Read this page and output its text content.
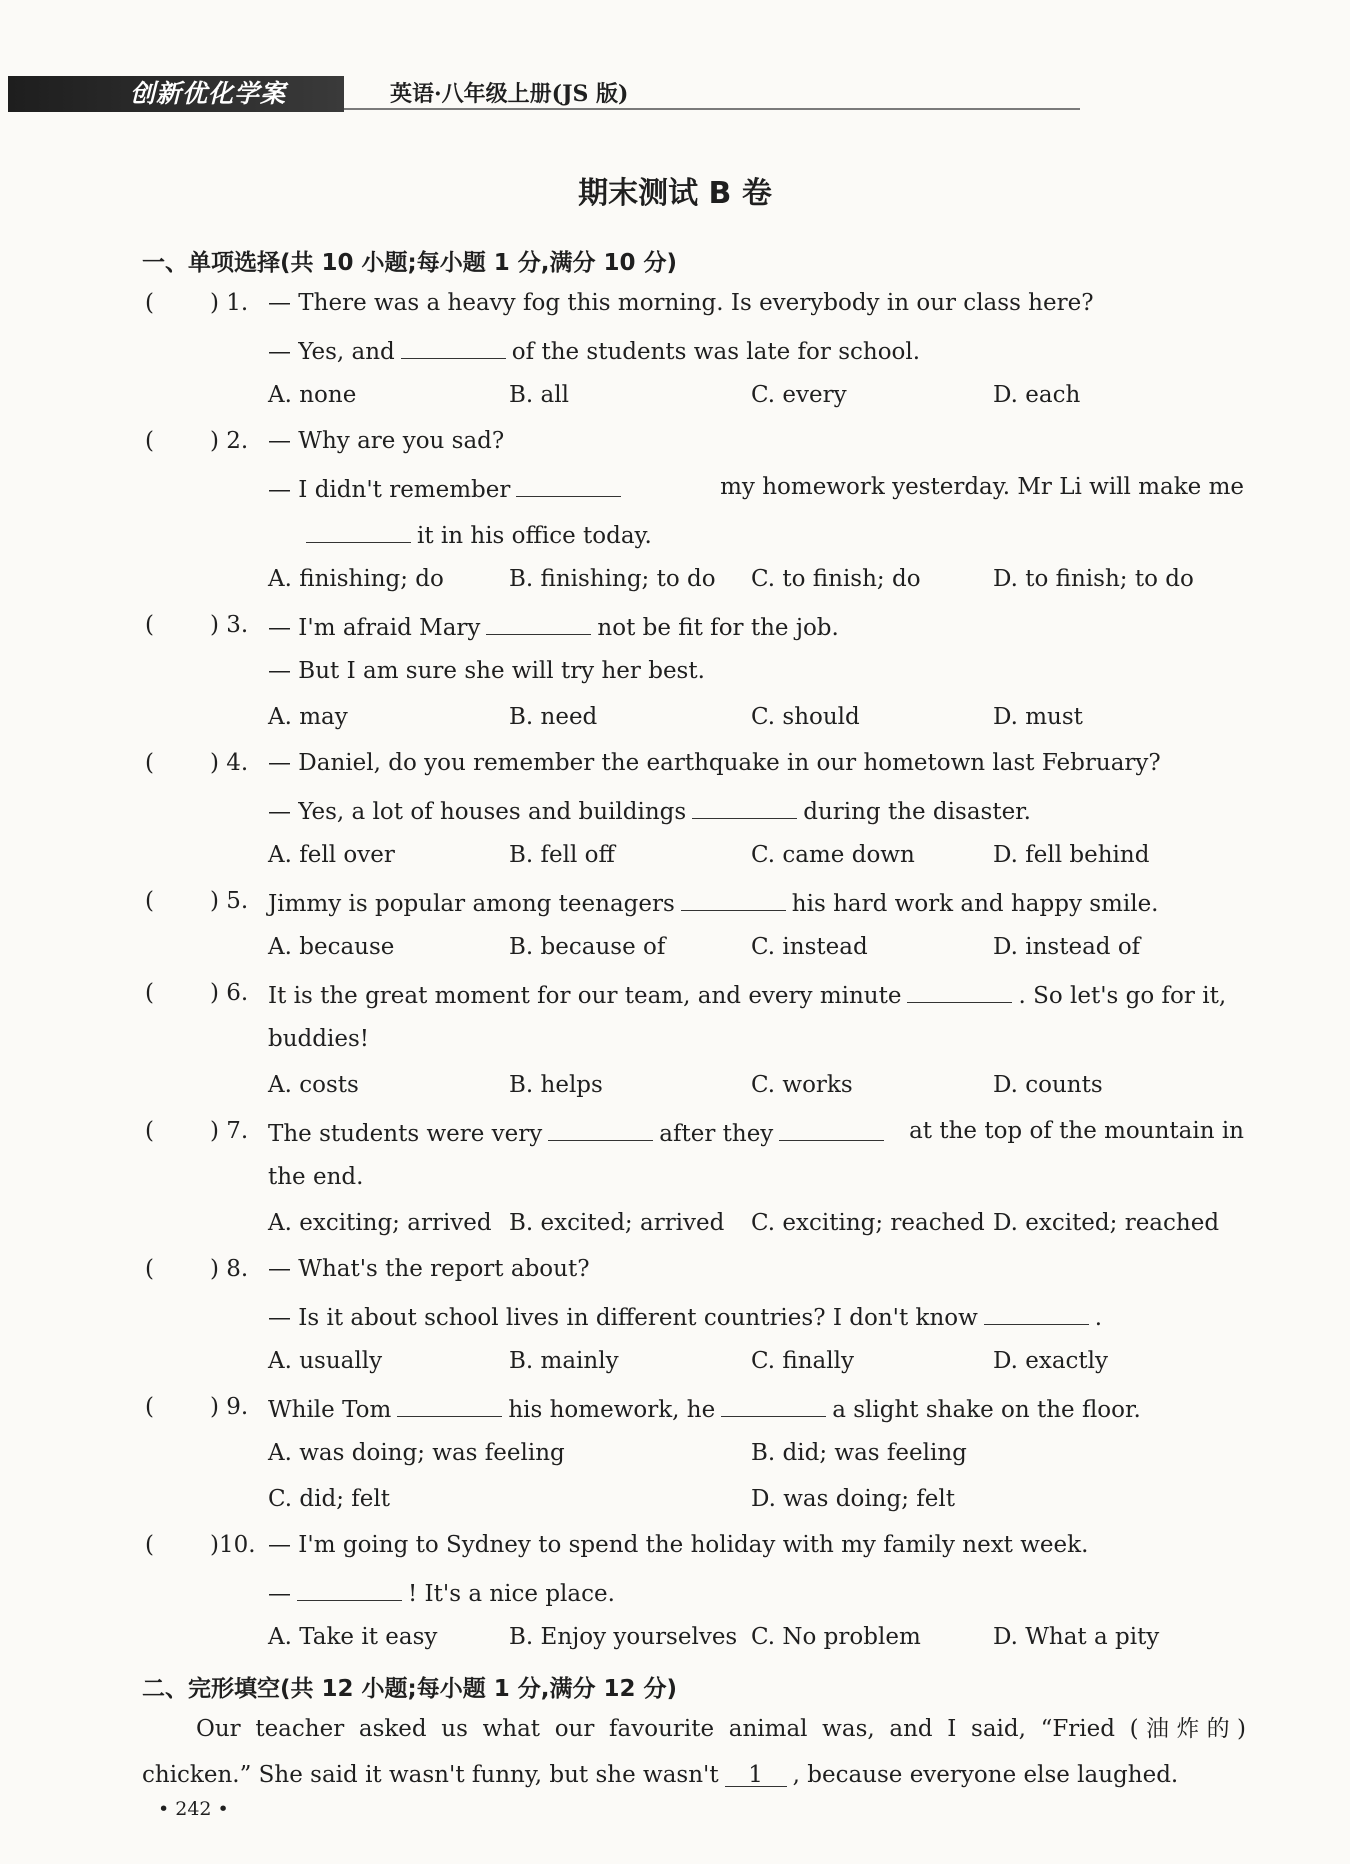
创新优化学案	英语·八年级上册(JS 版)
期末测试 B 卷
一、单项选择(共 10 小题;每小题 1 分,满分 10 分)
( ) 1. — There was a heavy fog this morning. Is everybody in our class here?
— Yes, and	of the students was late for school.
A. none	B. all	C. every	D. each
( ) 2. — Why are you sad?
— I didn't remember	my homework yesterday. Mr Li will make me
it in his office today.
A. finishing; do	B. finishing; to do C. to finish; do	D. to finish; to do
( ) 3. — I'm afraid Mary	not be fit for the job.
— But I am sure she will try her best.
A. may	B. need	C. should	D. must
( ) 4. — Daniel, do you remember the earthquake in our hometown last February?
— Yes, a lot of houses and buildings	during the disaster.
A. fell over	B. fell off	C. came down	D. fell behind
( ) 5. Jimmy is popular among teenagers	his hard work and happy smile.
A. because	B. because of	C. instead	D. instead of
( ) 6. It is the great moment for our team, and every minute	. So let's go for it,
buddies!
A. costs	B. helps	C. works	D. counts
( ) 7. The students were very	after they	at the top of the mountain in
the end.
A. exciting; arrived B. excited; arrived C. exciting; reached D. excited; reached
( ) 8. — What's the report about?
— Is it about school lives in different countries? I don't know	.
A. usually	B. mainly	C. finally	D. exactly
( ) 9. While Tom	his homework, he	a slight shake on the floor.
A. was doing; was feeling	B. did; was feeling
C. did; felt	D. was doing; felt
( )10. — I'm going to Sydney to spend the holiday with my family next week.
—	! It's a nice place.
A. Take it easy	B. Enjoy yourselves C. No problem	D. What a pity
二、完形填空(共 12 小题;每小题 1 分,满分 12 分)
Our teacher asked us what our favourite animal was, and I said, “Fried (油炸的)
chicken.” She said it wasn't funny, but she wasn't 1 , because everyone else laughed.
• 242 •
